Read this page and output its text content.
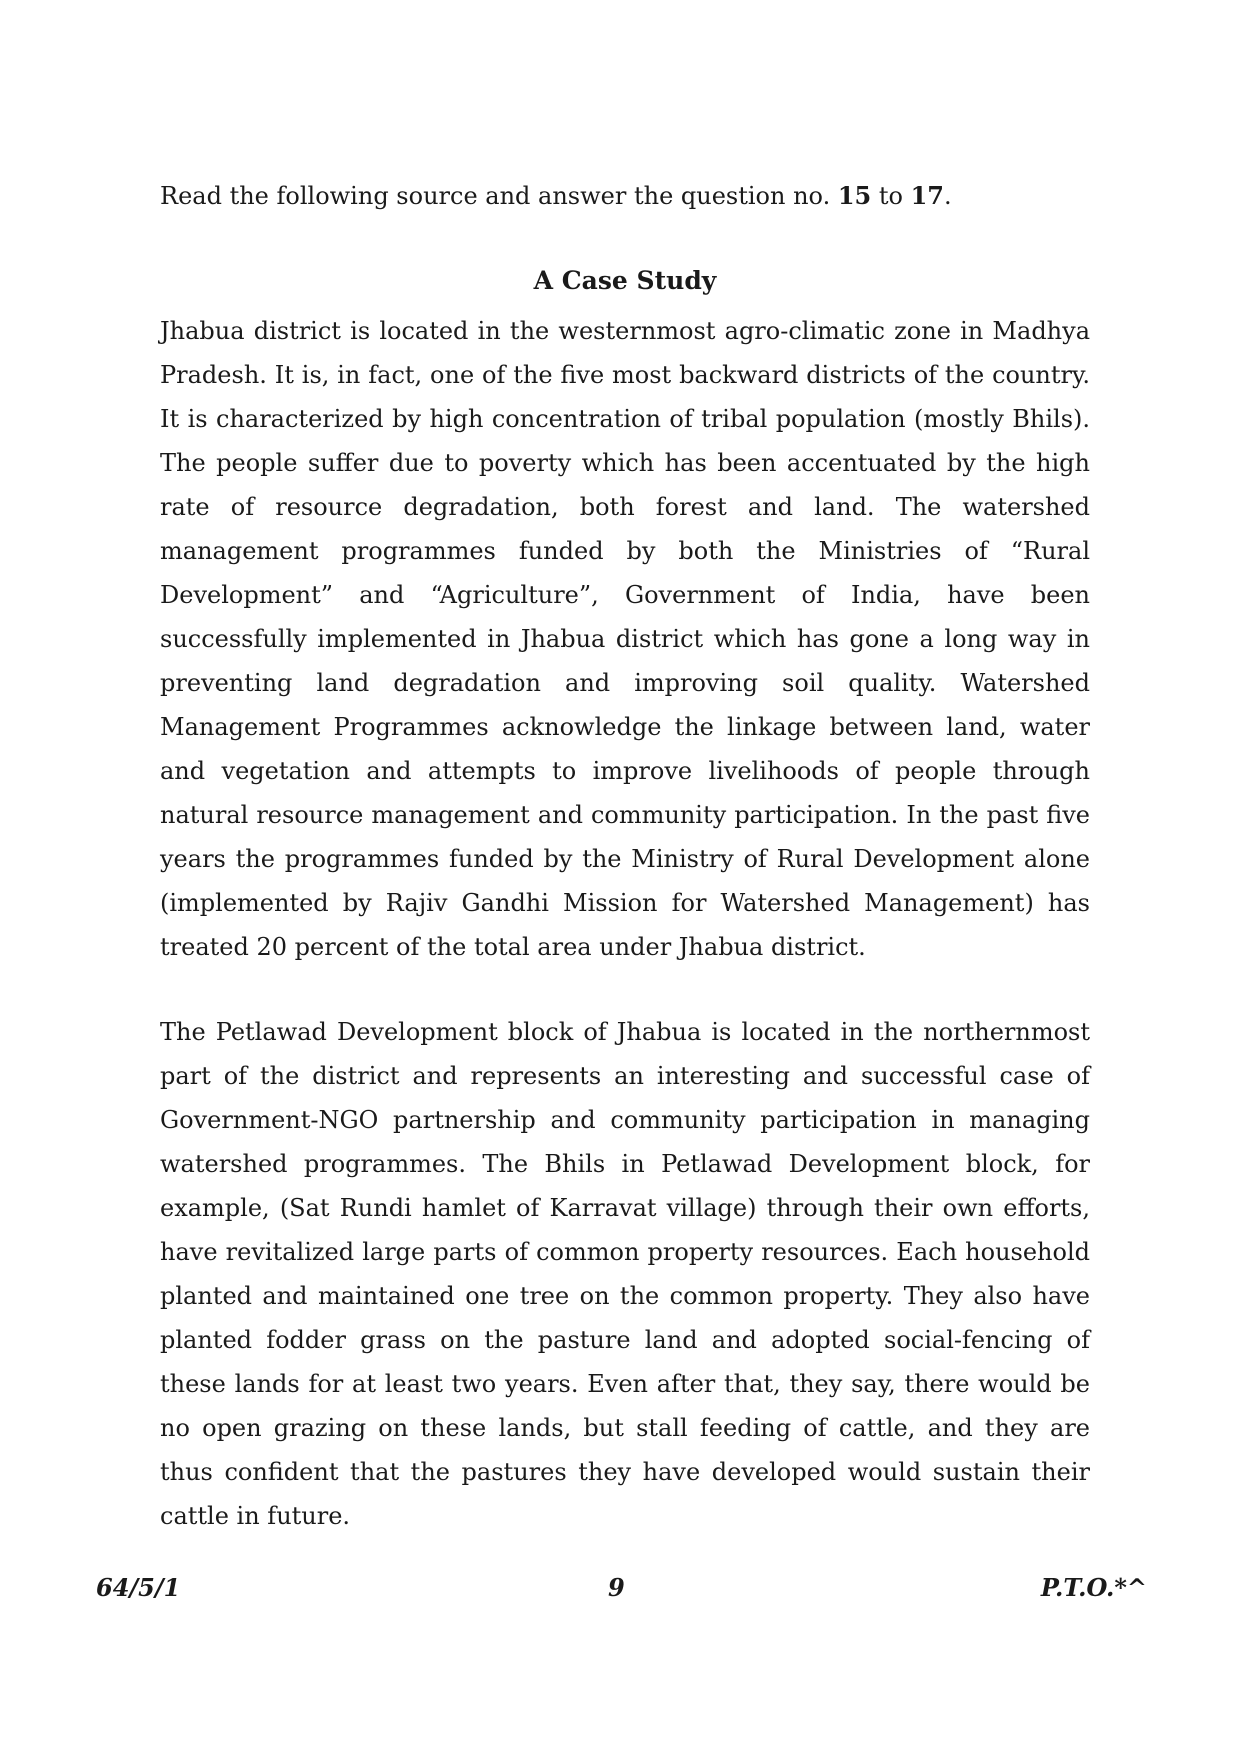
Read the following source and answer the question no. 15 to 17.
A Case Study

Jhabua district is located in the westernmost agro-climatic zone in Madhya Pradesh. It is, in fact, one of the five most backward districts of the country. It is characterized by high concentration of tribal population (mostly Bhils). The people suffer due to poverty which has been accentuated by the high rate of resource degradation, both forest and land. The watershed management programmes funded by both the Ministries of “Rural Development” and “Agriculture”, Government of India, have been successfully implemented in Jhabua district which has gone a long way in preventing land degradation and improving soil quality. Watershed Management Programmes acknowledge the linkage between land, water and vegetation and attempts to improve livelihoods of people through natural resource management and community participation. In the past five years the programmes funded by the Ministry of Rural Development alone (implemented by Rajiv Gandhi Mission for Watershed Management) has treated 20 percent of the total area under Jhabua district.

The Petlawad Development block of Jhabua is located in the northernmost part of the district and represents an interesting and successful case of Government-NGO partnership and community participation in managing watershed programmes. The Bhils in Petlawad Development block, for example, (Sat Rundi hamlet of Karravat village) through their own efforts, have revitalized large parts of common property resources. Each household planted and maintained one tree on the common property. They also have planted fodder grass on the pasture land and adopted social-fencing of these lands for at least two years. Even after that, they say, there would be no open grazing on these lands, but stall feeding of cattle, and they are thus confident that the pastures they have developed would sustain their cattle in future.

64/5/1	9	P.T.O.*^
